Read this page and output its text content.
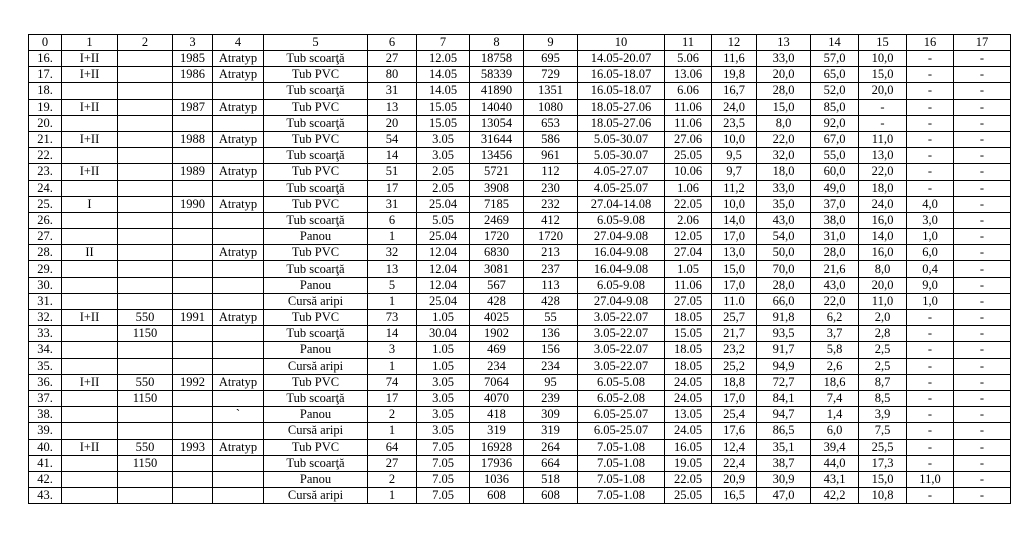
0	1	2	3	4	5	6	7	8	9	10	11	12	13	14	15	16	17
16.	I+II		1985	Atratyp	Tub scoarţă	27	12.05	18758	695	14.05-20.07	5.06	11,6	33,0	57,0	10,0	-	-
17.	I+II		1986	Atratyp	Tub PVC	80	14.05	58339	729	16.05-18.07	13.06	19,8	20,0	65,0	15,0	-	-
18.					Tub scoarţă	31	14.05	41890	1351	16.05-18.07	6.06	16,7	28,0	52,0	20,0	-	-
19.	I+II		1987	Atratyp	Tub PVC	13	15.05	14040	1080	18.05-27.06	11.06	24,0	15,0	85,0	-	-	-
20.					Tub scoarţă	20	15.05	13054	653	18.05-27.06	11.06	23,5	8,0	92,0	-	-	-
21.	I+II		1988	Atratyp	Tub PVC	54	3.05	31644	586	5.05-30.07	27.06	10,0	22,0	67,0	11,0	-	-
22.					Tub scoarţă	14	3.05	13456	961	5.05-30.07	25.05	9,5	32,0	55,0	13,0	-	-
23.	I+II		1989	Atratyp	Tub PVC	51	2.05	5721	112	4.05-27.07	10.06	9,7	18,0	60,0	22,0	-	-
24.					Tub scoarţă	17	2.05	3908	230	4.05-25.07	1.06	11,2	33,0	49,0	18,0	-	-
25.	I		1990	Atratyp	Tub PVC	31	25.04	7185	232	27.04-14.08	22.05	10,0	35,0	37,0	24,0	4,0	-
26.					Tub scoarţă	6	5.05	2469	412	6.05-9.08	2.06	14,0	43,0	38,0	16,0	3,0	-
27.					Panou	1	25.04	1720	1720	27.04-9.08	12.05	17,0	54,0	31,0	14,0	1,0	-
28.	II			Atratyp	Tub PVC	32	12.04	6830	213	16.04-9.08	27.04	13,0	50,0	28,0	16,0	6,0	-
29.					Tub scoarţă	13	12.04	3081	237	16.04-9.08	1.05	15,0	70,0	21,6	8,0	0,4	-
30.					Panou	5	12.04	567	113	6.05-9.08	11.06	17,0	28,0	43,0	20,0	9,0	-
31.					Cursă aripi	1	25.04	428	428	27.04-9.08	27.05	11.0	66,0	22,0	11,0	1,0	-
32.	I+II	550	1991	Atratyp	Tub PVC	73	1.05	4025	55	3.05-22.07	18.05	25,7	91,8	6,2	2,0	-	-
33.		1150			Tub scoarţă	14	30.04	1902	136	3.05-22.07	15.05	21,7	93,5	3,7	2,8	-	-
34.					Panou	3	1.05	469	156	3.05-22.07	18.05	23,2	91,7	5,8	2,5	-	-
35.					Cursă aripi	1	1.05	234	234	3.05-22.07	18.05	25,2	94,9	2,6	2,5	-	-
36.	I+II	550	1992	Atratyp	Tub PVC	74	3.05	7064	95	6.05-5.08	24.05	18,8	72,7	18,6	8,7	-	-
37.		1150			Tub scoarţă	17	3.05	4070	239	6.05-2.08	24.05	17,0	84,1	7,4	8,5	-	-
38.				`	Panou	2	3.05	418	309	6.05-25.07	13.05	25,4	94,7	1,4	3,9	-	-
39.					Cursă aripi	1	3.05	319	319	6.05-25.07	24.05	17,6	86,5	6,0	7,5	-	-
40.	I+II	550	1993	Atratyp	Tub PVC	64	7.05	16928	264	7.05-1.08	16.05	12,4	35,1	39,4	25,5	-	-
41.		1150			Tub scoarţă	27	7.05	17936	664	7.05-1.08	19.05	22,4	38,7	44,0	17,3	-	-
42.					Panou	2	7.05	1036	518	7.05-1.08	22.05	20,9	30,9	43,1	15,0	11,0	-
43.					Cursă aripi	1	7.05	608	608	7.05-1.08	25.05	16,5	47,0	42,2	10,8	-	-
